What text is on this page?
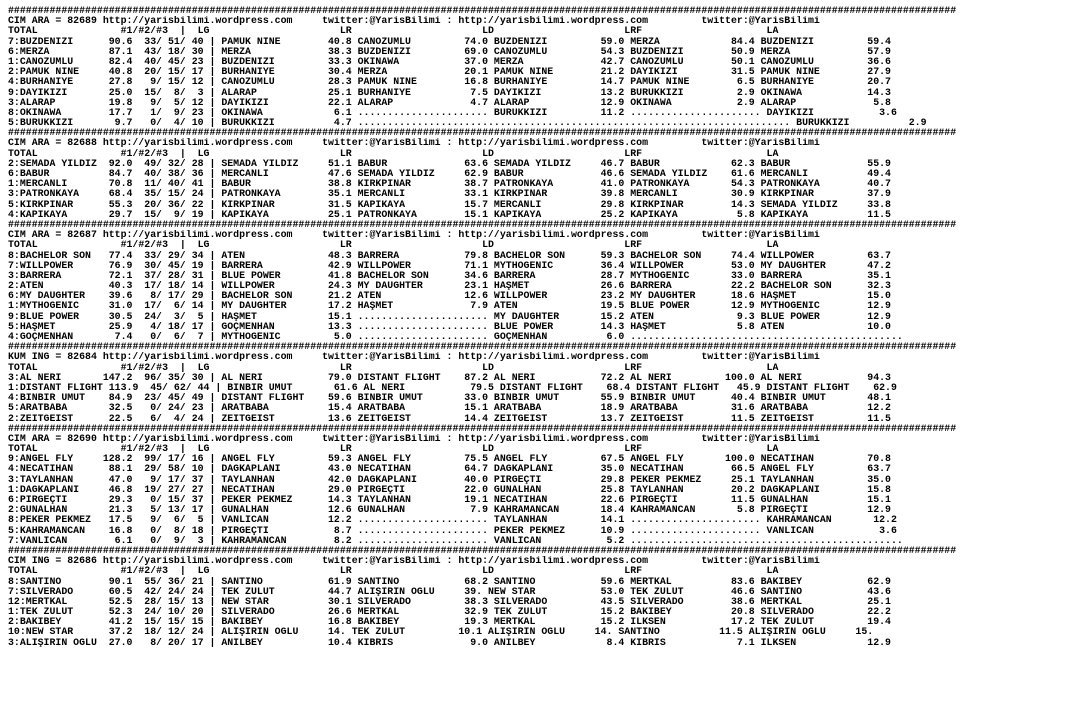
################################################################################################################################################################
CIM ARA = 82689 http://yarisbilimi.wordpress.com     twitter:@YarisBilimi : http://yarisbilimi.wordpress.com         twitter:@YarisBilimi
TOTAL              #1/#2/#3  |  LG                      LR                      LD                      LRF                     LA
7:BUZDENİZİ      90.6  33/ 51/ 40 | PAMUK NİNE        40.8 CANÖZÜMLÜ         74.0 BUZDENİZİ         59.0 MERZA            84.4 BUZDENİZİ         59.4
6:MERZA          87.1  43/ 18/ 30 | MERZA             38.3 BUZDENİZİ         69.0 CANÖZÜMLÜ         54.3 BUZDENİZİ        50.9 MERZA             57.9
1:CANÖZÜMLÜ      82.4  40/ 45/ 23 | BUZDENİZİ         33.3 OKİNAWA           37.0 MERZA             42.7 CANÖZÜMLÜ        50.1 CANÖZÜMLÜ         36.6
2:PAMUK NİNE     40.8  20/ 15/ 17 | BURHANİYE         30.4 MERZA             20.1 PAMUK NİNE        21.2 DAYIKIZI         31.5 PAMUK NİNE        27.9
4:BURHANİYE      27.8   9/ 15/ 12 | CANÖZÜMLÜ         28.3 PAMUK NİNE        16.8 BURHANİYE         14.7 PAMUK NİNE        6.5 BURHANİYE         20.7
9:DAYIKIZI       25.0  15/  8/  3 | ALARAP            25.1 BURHANİYE          7.5 DAYIKIZI          13.2 BURUKKIZI         2.9 OKİNAWA           14.3
3:ALARAP         19.8   9/  5/ 12 | DAYIKIZI          22.1 ALARAP             4.7 ALARAP            12.9 OKİNAWA           2.9 ALARAP             5.8
8:OKİNAWA        17.7   1/  9/ 23 | OKİNAWA            6.1 ...................... BURUKKIZI         11.2 ...................... DAYIKIZI           3.6
5:BURUKKIZI       9.7   0/  4/ 10 | BURUKKIZI          4.7 ......................................................................... BURUKKIZI          2.9
################################################################################################################################################################
CIM ARA = 82688 http://yarisbilimi.wordpress.com     twitter:@YarisBilimi : http://yarisbilimi.wordpress.com         twitter:@YarisBilimi
TOTAL              #1/#2/#3  |  LG                      LR                      LD                      LRF                     LA
2:SEMADA YILDIZ  92.0  49/ 32/ 28 | SEMADA YILDIZ     51.1 BABÜR             63.6 SEMADA YILDIZ     46.7 BABÜR            62.3 BABÜR             55.9
6:BABÜR          84.7  40/ 38/ 36 | MERCANLI          47.6 SEMADA YILDIZ     62.9 BABÜR             46.6 SEMADA YILDIZ    61.6 MERCANLI          49.4
1:MERCANLI       70.8  11/ 40/ 41 | BABÜR             38.8 KIRKPINAR         38.7 PATRONKAYA        41.0 PATRONKAYA       54.3 PATRONKAYA        40.7
3:PATRONKAYA     68.4  35/ 15/ 24 | PATRONKAYA        35.1 MERCANLI          33.1 KIRKPINAR         39.8 MERCANLI         30.9 KIRKPINAR         37.9
5:KIRKPINAR      55.3  20/ 36/ 22 | KIRKPINAR         31.5 KAPIKAYA          15.7 MERCANLI          29.8 KIRKPINAR        14.3 SEMADA YILDIZ     33.8
4:KAPIKAYA       29.7  15/  9/ 19 | KAPIKAYA          25.1 PATRONKAYA        15.1 KAPIKAYA          25.2 KAPIKAYA          5.8 KAPIKAYA          11.5
################################################################################################################################################################
CIM ARA = 82687 http://yarisbilimi.wordpress.com     twitter:@YarisBilimi : http://yarisbilimi.wordpress.com         twitter:@YarisBilimi
TOTAL              #1/#2/#3  |  LG                      LR                      LD                      LRF                     LA
8:BACHELOR SON   77.4  33/ 29/ 34 | ATEN              48.3 BARRERA           79.8 BACHELOR SON      59.3 BACHELOR SON     74.4 WILLPOWER         63.7
7:WILLPOWER      76.9  30/ 45/ 19 | BARRERA           42.9 WILLPOWER         71.1 MYTHOGENIC        36.4 WILLPOWER        53.0 MY DAUGHTER       47.2
3:BARRERA        72.1  37/ 28/ 31 | BLUE POWER        41.8 BACHELOR SON      34.6 BARRERA           28.7 MYTHOGENIC       33.0 BARRERA           35.1
2:ATEN           40.3  17/ 18/ 14 | WILLPOWER         24.3 MY DAUGHTER       23.1 HAŞMET            26.6 BARRERA          22.2 BACHELOR SON      32.3
6:MY DAUGHTER    39.6   8/ 17/ 29 | BACHELOR SON      21.2 ATEN              12.6 WILLPOWER         23.2 MY DAUGHTER      18.6 HAŞMET            15.0
1:MYTHOGENIC     31.0  17/  6/ 14 | MY DAUGHTER       17.2 HAŞMET             7.9 ATEN              19.5 BLUE POWER       12.9 MYTHOGENIC        12.9
9:BLUE POWER     30.5  24/  3/  5 | HAŞMET            15.1 ...................... MY DAUGHTER       15.2 ATEN              9.3 BLUE POWER        12.9
5:HAŞMET         25.9   4/ 18/ 17 | GÖÇMENHAN         13.3 ...................... BLUE POWER        14.3 HAŞMET            5.8 ATEN              10.0
4:GÖÇMENHAN       7.4   0/  6/  7 | MYTHOGENIC         5.0 ...................... GÖÇMENHAN          6.0 ..............................................
################################################################################################################################################################
KUM ING = 82684 http://yarisbilimi.wordpress.com     twitter:@YarisBilimi : http://yarisbilimi.wordpress.com         twitter:@YarisBilimi
TOTAL              #1/#2/#3  |  LG                      LR                      LD                      LRF                     LA
3:AL NERİ       147.2  96/ 35/ 30 | AL NERİ           79.0 DISTANT FLIGHT    87.2 AL NERİ           72.2 AL NERİ         100.0 AL NERİ           94.3
1:DISTANT FLIGHT 113.9  45/ 62/ 44 | BİNBİR UMUT       61.6 AL NERİ           79.5 DISTANT FLIGHT    68.4 DISTANT FLIGHT   45.9 DISTANT FLIGHT    62.9
4:BİNBİR UMUT    84.9  23/ 45/ 49 | DISTANT FLIGHT    59.6 BİNBİR UMUT       33.0 BİNBİR UMUT       55.9 BİNBİR UMUT      40.4 BİNBİR UMUT       48.1
5:ARATBABA       32.5   0/ 24/ 23 | ARATBABA          15.4 ARATBABA          15.1 ARATBABA          18.9 ARATBABA         31.6 ARATBABA          12.2
2:ZEITGEIST      22.5   6/  4/ 24 | ZEITGEIST         13.6 ZEITGEIST         14.4 ZEITGEIST         13.7 ZEITGEIST        11.5 ZEITGEIST         11.5
################################################################################################################################################################
CIM ARA = 82690 http://yarisbilimi.wordpress.com     twitter:@YarisBilimi : http://yarisbilimi.wordpress.com         twitter:@YarisBilimi
TOTAL              #1/#2/#3  |  LG                      LR                      LD                      LRF                     LA
9:ANGEL FLY     128.2  99/ 17/ 16 | ANGEL FLY         59.3 ANGEL FLY         75.5 ANGEL FLY         67.5 ANGEL FLY       100.0 NECATİHAN         70.8
4:NECATİHAN      88.1  29/ 58/ 10 | DAĞKAPLANI        43.0 NECATİHAN         64.7 DAĞKAPLANI        35.0 NECATİHAN        66.5 ANGEL FLY         63.7
3:TAYLANHAN      47.0   9/ 17/ 37 | TAYLANHAN         42.0 DAĞKAPLANI        40.0 PİRGEÇTİ          29.8 PEKER PEKMEZ     25.1 TAYLANHAN         35.0
1:DAĞKAPLANI     46.8  19/ 27/ 27 | NECATİHAN         29.0 PİRGEÇTİ          22.0 GÜNALHAN          25.8 TAYLANHAN        20.2 DAĞKAPLANI        15.8
6:PİRGEÇTİ       29.3   0/ 15/ 37 | PEKER PEKMEZ      14.3 TAYLANHAN         19.1 NECATİHAN         22.6 PİRGEÇTİ         11.5 GÜNALHAN          15.1
2:GÜNALHAN       21.3   5/ 13/ 17 | GÜNALHAN          12.6 GÜNALHAN           7.9 KAHRAMANCAN       18.4 KAHRAMANCAN       5.8 PİRGEÇTİ          12.9
8:PEKER PEKMEZ   17.5   9/  6/  5 | VANLICAN          12.2 ...................... TAYLANHAN         14.1 ...................... KAHRAMANCAN       12.2
5:KAHRAMANCAN    16.8   0/  8/ 18 | PİRGEÇTİ           8.7 ...................... PEKER PEKMEZ      10.9 ...................... VANLICAN           3.6
7:VANLICAN        6.1   0/  9/  3 | KAHRAMANCAN        8.2 ...................... VANLICAN           5.2 ..............................................
################################################################################################################################################################
CIM ING = 82686 http://yarisbilimi.wordpress.com     twitter:@YarisBilimi : http://yarisbilimi.wordpress.com         twitter:@YarisBilimi
TOTAL              #1/#2/#3  |  LG                      LR                      LD                      LRF                     LA
8:SANTINO        90.1  55/ 36/ 21 | SANTINO           61.9 SANTINO           68.2 SANTINO           59.6 MERTKAL          83.6 BAKİBEY           62.9
7:SILVERADO      60.5  42/ 24/ 24 | TEK ZULUT         44.7 ALİŞİRİN OĞLU     39. NEW STAR           53.0 TEK ZULUT        46.6 SANTINO           43.6
12:MERTKAL       52.5  28/ 15/ 13 | NEW STAR          30.1 SILVERADO         38.3 SILVERADO         43.5 SILVERADO        38.6 MERTKAL           25.1
1:TEK ZULUT      52.3  24/ 10/ 20 | SILVERADO         26.6 MERTKAL           32.9 TEK ZULUT         15.2 BAKİBEY          20.8 SILVERADO         22.2
2:BAKİBEY        41.2  15/ 15/ 15 | BAKİBEY           16.8 BAKİBEY           19.3 MERTKAL           15.2 İLKSEN           17.2 TEK ZULUT         19.4
10:NEW STAR      37.2  18/ 12/ 24 | ALİŞİRİN OĞLU     14. TEK ZULUT         10.1 ALİŞİRİN OĞLU     14. SANTINO          11.5 ALİŞİRİN OĞLU     15.
3:ALİŞİRİN OĞLU  27.0   8/ 20/ 17 | ANILBEY           10.4 KIBRIS             9.0 ANILBEY            8.4 KIBRIS            7.1 İLKSEN            12.9
